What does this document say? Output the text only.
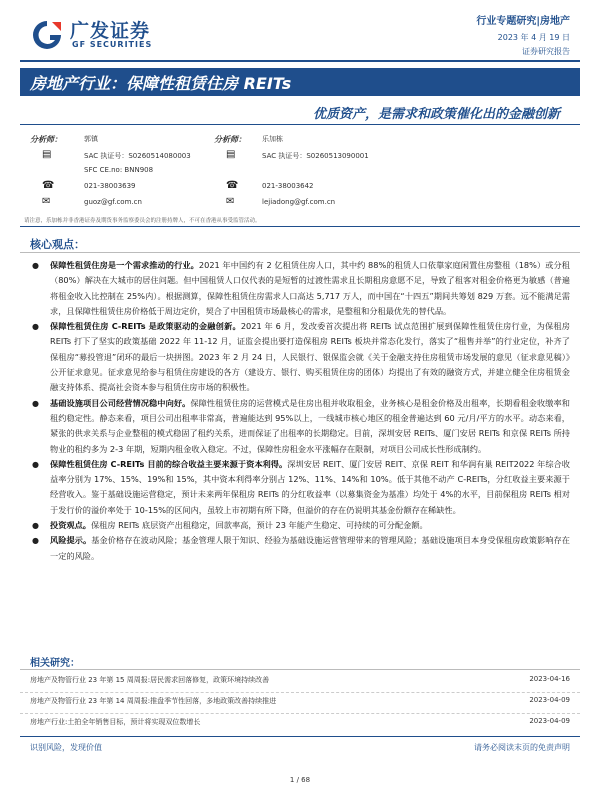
广发证券
GF SECURITIES
行业专题研究|房地产
2023 年 4 月 19 日
证券研究报告
房地产行业：保障性租赁住房 REITs
优质资产，是需求和政策催化出的金融创新
分析师：	郭镇
▤	SAC 执证号：S0260514080003
SFC CE.no: BNN908
☎	021-38003639
✉	guoz@gf.com.cn
分析师： 乐加栋
▤	SAC 执证号：S0260513090001
☎	021-38003642
✉	lejiadong@gf.com.cn
请注意，乐加栋并非香港证券及期货事务监察委员会的注册持牌人，不可在香港从事受监管活动。
核心观点：

● 保障性租赁住房是一个需求推动的行业。2021 年中国约有 2 亿租赁住房人口，其中约 88%的租赁人口依靠家庭闲置住房整租（18%）或分租（80%）解决在大城市的居住问题。但中国租赁人口仅代表的是短暂的过渡性需求且长期租房意愿不足，导致了租客对租金价格更为敏感（普遍将租金收入比控制在 25%内）。根据测算，保障性租赁住房需求人口高达 5,717 万人，而中国在“十四五”期间共筹划 829 万套。远不能满足需求，且保障性租赁住房价格低于周边定价，契合了中国租赁市场最核心的需求，是整租和分租最优先的替代品。

● 保障性租赁住房 C-REITs 是政策驱动的金融创新。2021 年 6 月，发改委首次提出将 REITs 试点范围扩展到保障性租赁住房行业，为保租房 REITs 打下了坚实的政策基础 2022 年 11-12 月，证监会提出要打造保租房 REITs 板块并常态化发行，落实了“租售并举”的行业定位，补齐了保租房“募投管退”闭环的最后一块拼图。2023 年 2 月 24 日，人民银行、银保监会就《关于金融支持住房租赁市场发展的意见（征求意见稿）》公开征求意见。征求意见给参与租赁住房建设的各方（建设方、银行、购买租赁住房的团体）均提出了有效的融资方式，并建立健全住房租赁金融支持体系、提高社会资本参与租赁住房市场的积极性。

● 基础设施项目公司经营情况稳中向好。保障性租赁住房的运营模式是住房出租并收取租金，业务核心是租金价格及出租率，长期看租金收缴率和租约稳定性。静态来看，项目公司出租率非常高，普遍能达到 95%以上，一线城市核心地区的租金普遍达到 60 元/月/平方的水平。动态来看，紧张的供求关系与企业整租的模式稳固了租约关系，进而保证了出租率的长期稳定。目前，深圳安居 REITs、厦门安居 REITs 和京保 REITs 所持物业的租约多为 2-3 年期，短期内租金收入稳定。不过，保障性房租金水平涨幅存在限制，对项目公司成长性形成制约。

● 保障性租赁住房 C-REITs 目前的综合收益主要来源于资本利得。深圳安居 REIT、厦门安居 REIT、京保 REIT 和华润有巢 REIT2022 年综合收益率分别为 17%、15%、19%和 15%，其中资本利得率分别占 12%、11%、14%和 10%。低于其他不动产 C-REITs，分红收益主要来源于经营收入。鉴于基础设施运营稳定，预计未来两年保租房 REITs 的分红收益率（以募集资金为基准）均处于 4%的水平，目前保租房 REITs 相对于发行价的溢价率处于 10-15%的区间内，虽较上市初期有所下降，但溢价的存在仍说明其基金份额存在稀缺性。

● 投资观点。保租房 REITs 底层资产出租稳定，回款率高，预计 23 年能产生稳定、可持续的可分配金额。

● 风险提示。基金价格存在波动风险；基金管理人限于知识、经验为基础设施运营管理带来的管理风险；基础设施项目本身受保租房政策影响存在一定的风险。

相关研究：
房地产及物管行业 23 年第 15 周周报:居民需求回落修复，政策环境持续改善	2023-04-16
房地产及物管行业 23 年第 14 周周报:推盘季节性回落，多地政策改善持续推进	2023-04-09
房地产行业:土拍全年销售目标，预计将实现双位数增长	2023-04-09
识别风险，发现价值	请务必阅读末页的免责声明
1 / 68
